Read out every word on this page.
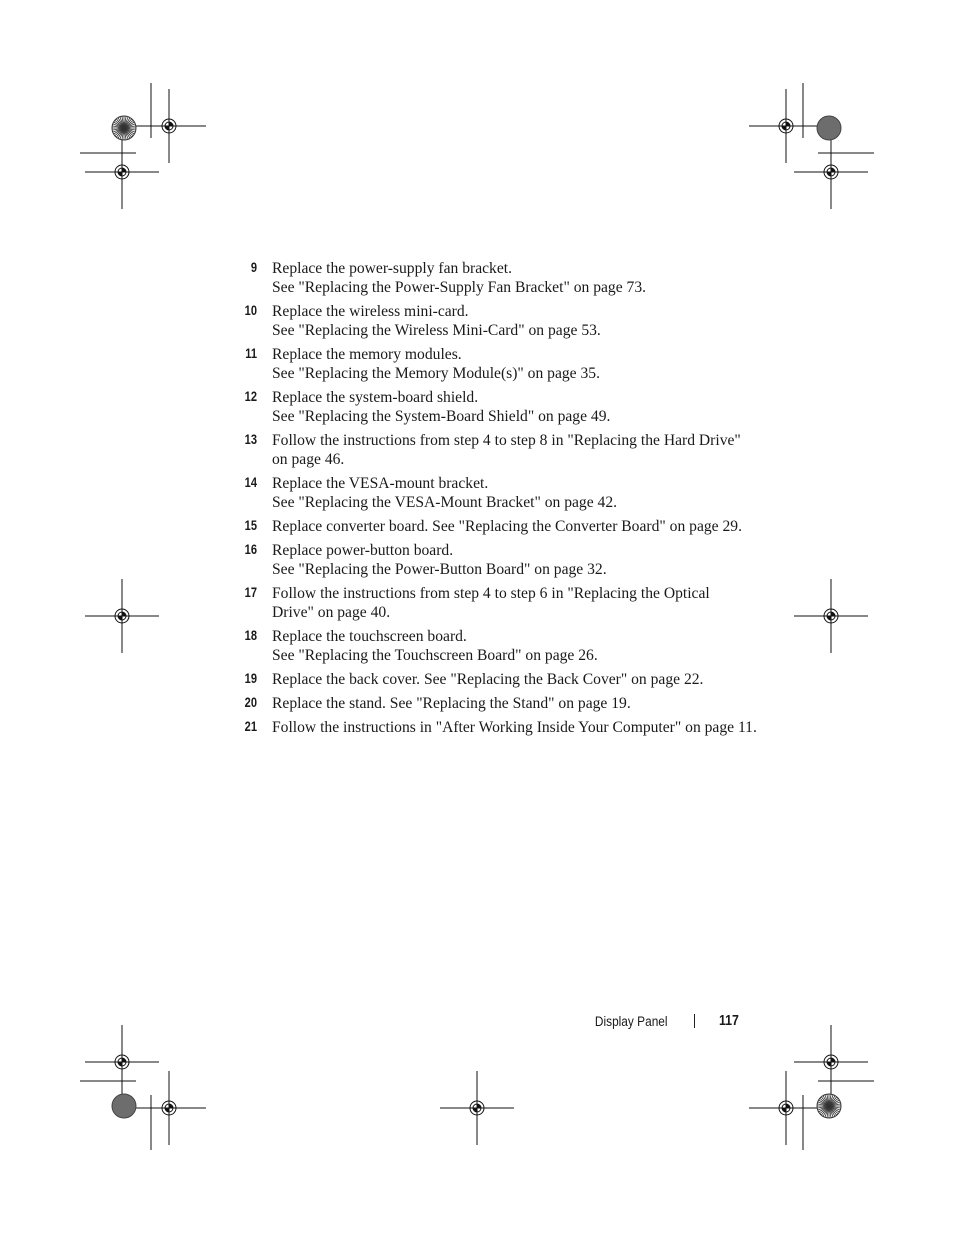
9 Replace the power-supply fan bracket.
See "Replacing the Power-Supply Fan Bracket" on page 73.
10 Replace the wireless mini-card.
See "Replacing the Wireless Mini-Card" on page 53.
11 Replace the memory modules.
See "Replacing the Memory Module(s)" on page 35.
12 Replace the system-board shield.
See "Replacing the System-Board Shield" on page 49.
13 Follow the instructions from step 4 to step 8 in "Replacing the Hard Drive"
on page 46.
14 Replace the VESA-mount bracket.
See "Replacing the VESA-Mount Bracket" on page 42.
15 Replace converter board. See "Replacing the Converter Board" on page 29.
16 Replace power-button board.
See "Replacing the Power-Button Board" on page 32.
17 Follow the instructions from step 4 to step 6 in "Replacing the Optical
Drive" on page 40.
18 Replace the touchscreen board.
See "Replacing the Touchscreen Board" on page 26.
19 Replace the back cover. See "Replacing the Back Cover" on page 22.
20 Replace the stand. See "Replacing the Stand" on page 19.
21 Follow the instructions in "After Working Inside Your Computer" on page 11.
Display Panel	117
